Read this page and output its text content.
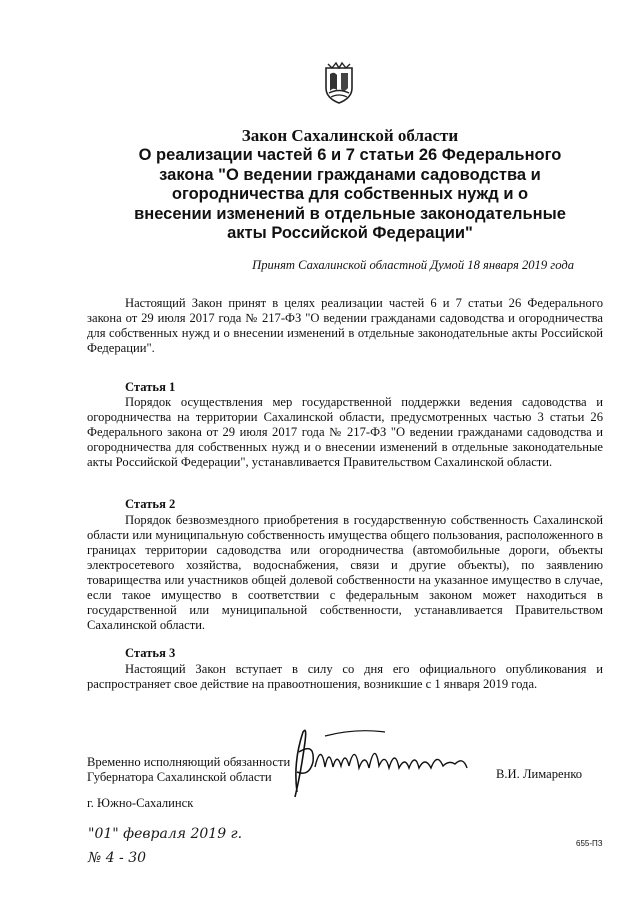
Закон Сахалинской области

О реализации частей 6 и 7 статьи 26 Федерального

закона "О ведении гражданами садоводства и

огородничества для собственных нужд и о

внесении изменений в отдельные законодательные

акты Российской Федерации"

Принят Сахалинской областной Думой 18 января 2019 года

Настоящий Закон принят в целях реализации частей 6 и 7 статьи 26 Федерального закона от 29 июля 2017 года № 217-ФЗ "О ведении гражданами садоводства и огородничества для собственных нужд и о внесении изменений в отдельные законодательные акты Российской Федерации".

Статья 1

Порядок осуществления мер государственной поддержки ведения садоводства и огородничества на территории Сахалинской области, предусмотренных частью 3 статьи 26 Федерального закона от 29 июля 2017 года № 217-ФЗ "О ведении гражданами садоводства и огородничества для собственных нужд и о внесении изменений в отдельные законодательные акты Российской Федерации", устанавливается Правительством Сахалинской области.

Статья 2

Порядок безвозмездного приобретения в государственную собственность Сахалинской области или муниципальную собственность имущества общего пользования, расположенного в границах территории садоводства или огородничества (автомобильные дороги, объекты электросетевого хозяйства, водоснабжения, связи и другие объекты), по заявлению товарищества или участников общей долевой собственности на указанное имущество в случае, если такое имущество в соответствии с федеральным законом может находиться в государственной или муниципальной собственности, устанавливается Правительством Сахалинской области.

Статья 3

Настоящий Закон вступает в силу со дня его официального опубликования и распространяет свое действие на правоотношения, возникшие с 1 января 2019 года.

Временно исполняющий обязанности
Губернатора Сахалинской области	В.И. Лимаренко
г. Южно-Сахалинск
"01" февраля 2019 г.
№ 4 - 30
655-ПЗ
